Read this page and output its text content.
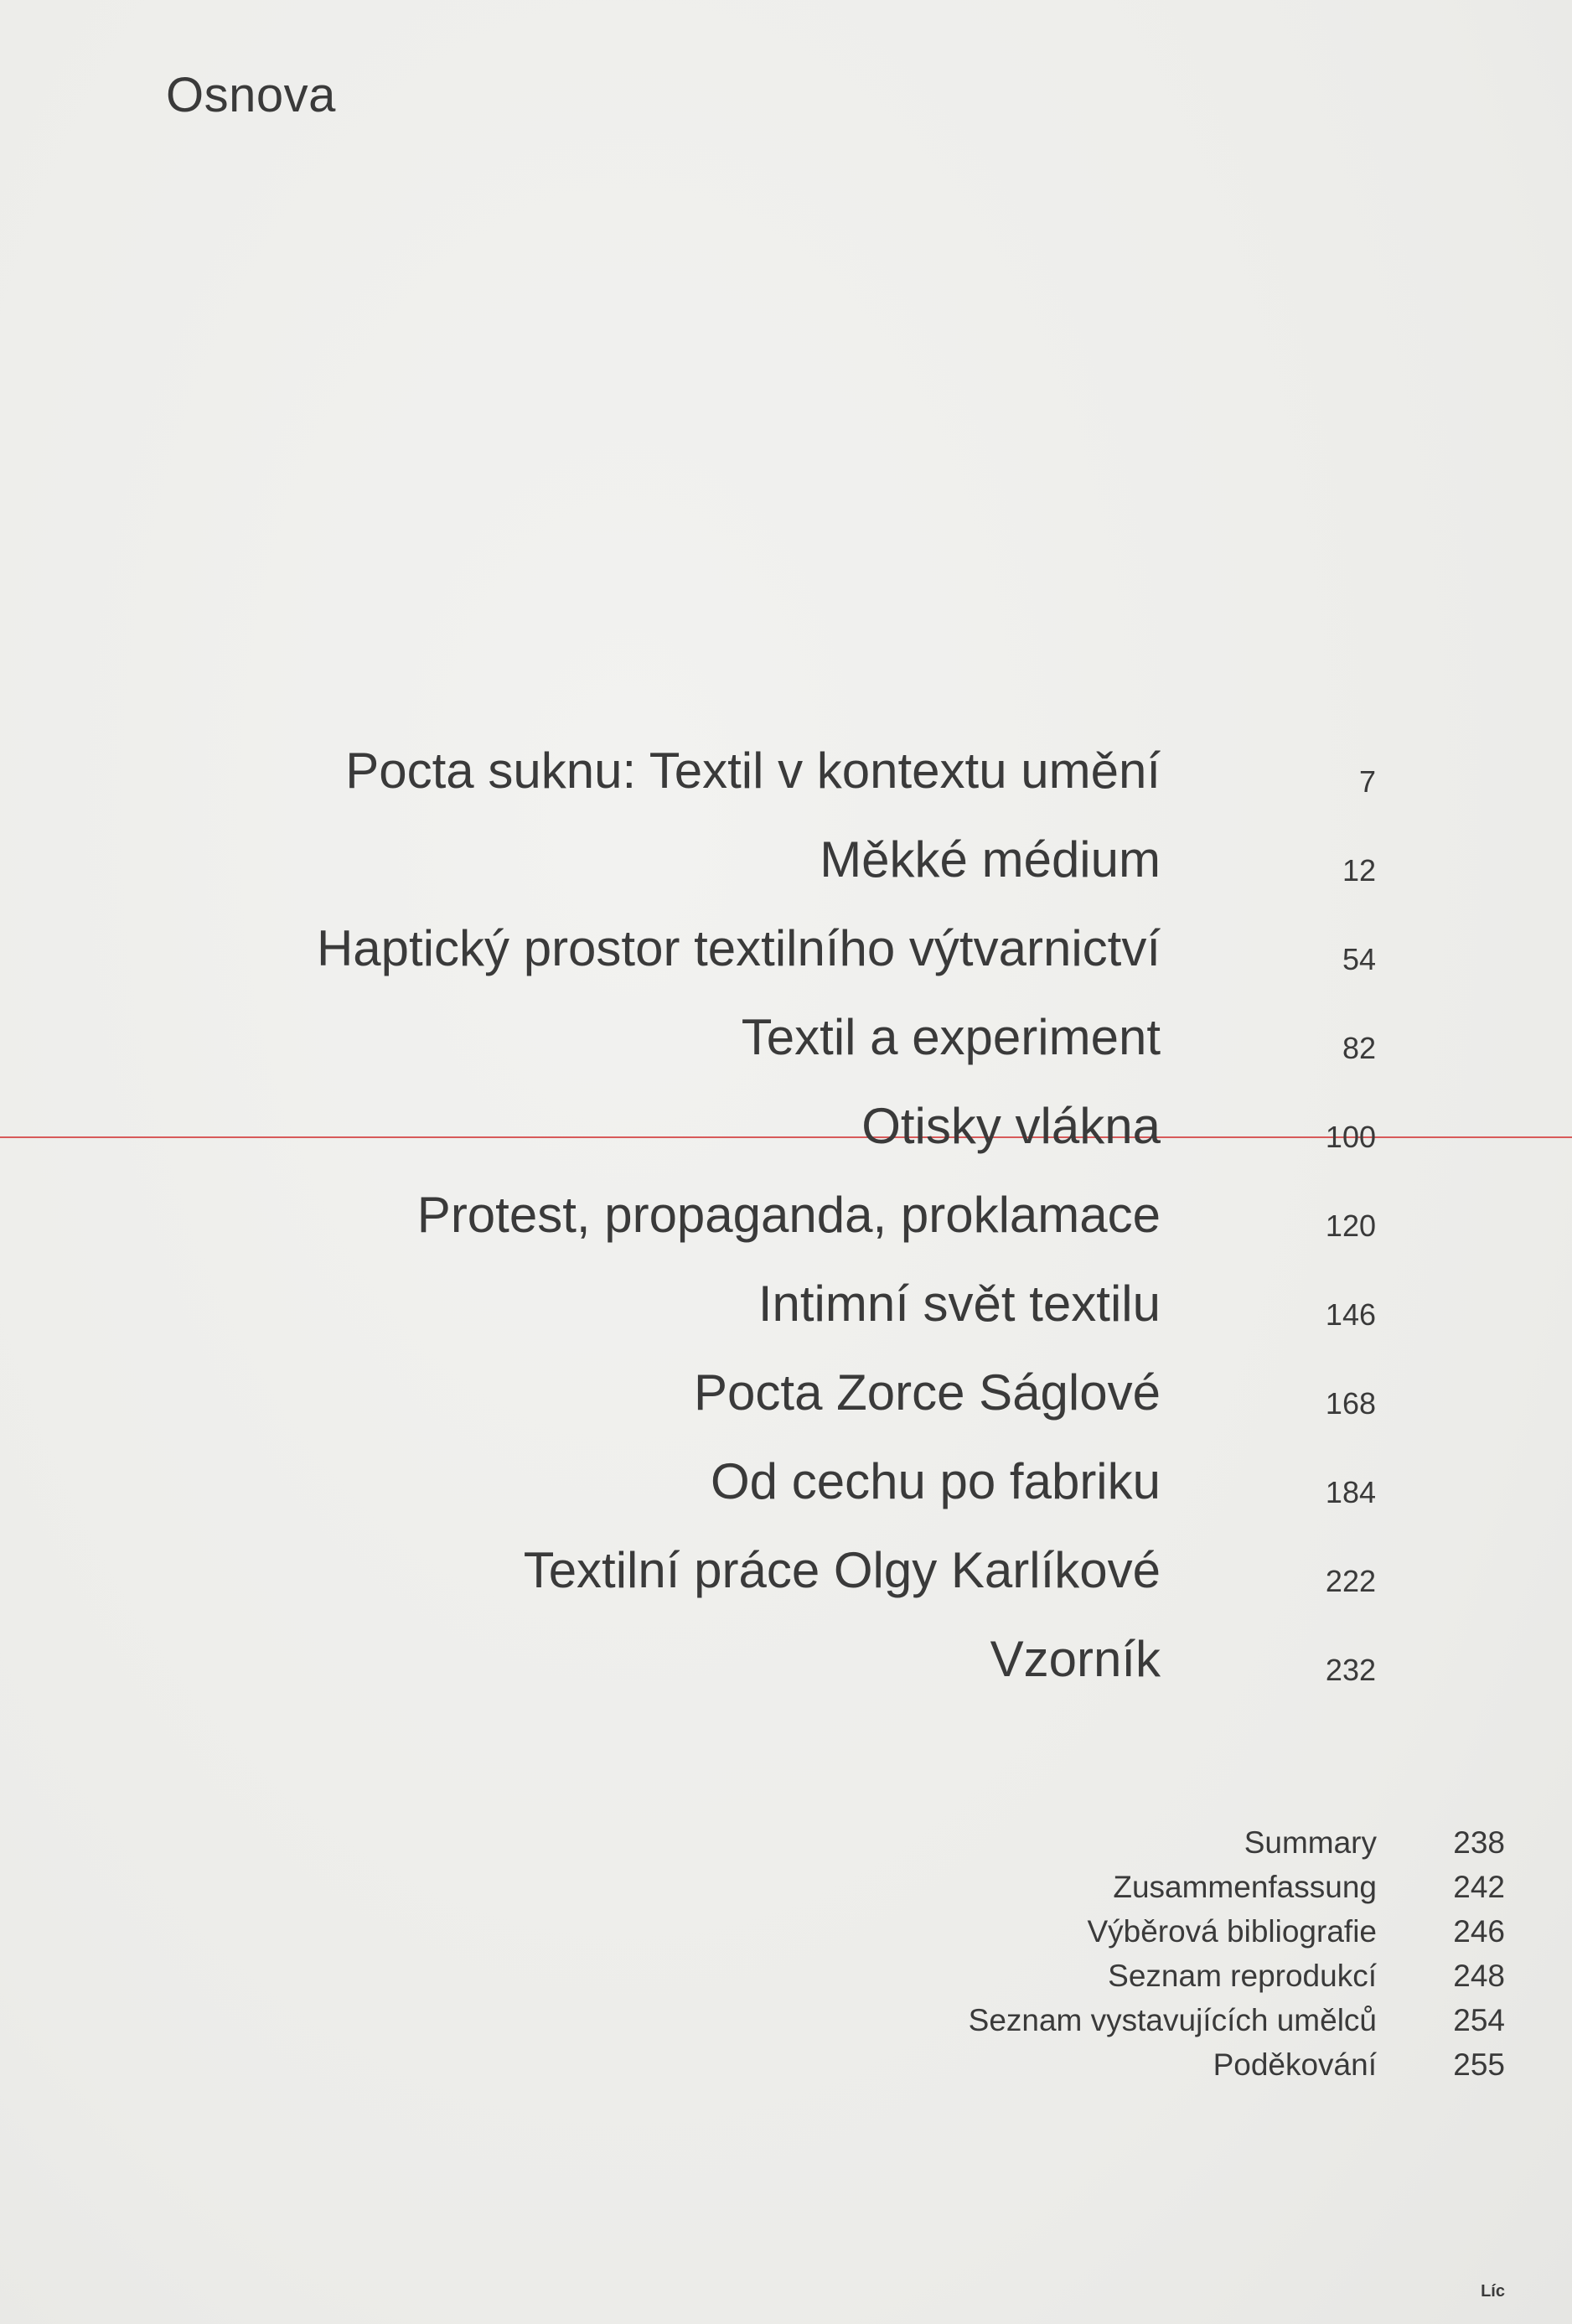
Osnova
Pocta suknu: Textil v kontextu umění	7
Měkké médium	12
Haptický prostor textilního výtvarnictví	54
Textil a experiment	82
Otisky vlákna	100
Protest, propaganda, proklamace	120
Intimní svět textilu	146
Pocta Zorce Ságlové	168
Od cechu po fabriku	184
Textilní práce Olgy Karlíkové	222
Vzorník	232
Summary 238
Zusammenfassung 242
Výběrová bibliografie 246
Seznam reprodukcí 248
Seznam vystavujících umělců 254
Poděkování 255
Líc
